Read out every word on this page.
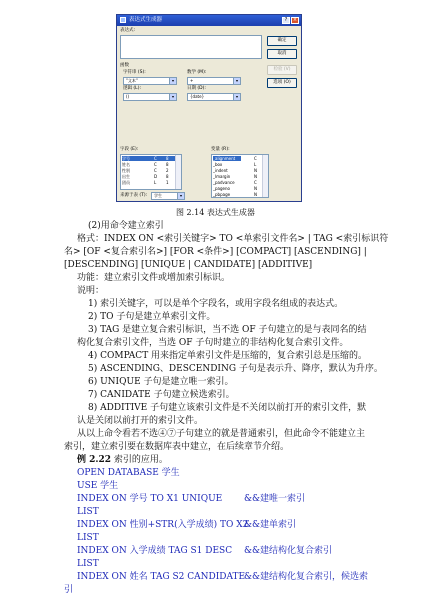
表达式生成器	?	×
表达式:
确定
取消
检验 (V)
选项 (O)
函数
字符串 (S):
"文本"	▾
数学 (M):
+	▾
逻辑 (L):
()	▾
日期 (D):
{date}	▾
字段 (E):
学号	C 8
姓名	C 8
性别	C 2
出生	D 8
团员	L 1
变量 (R):
_alignment	C
_box	L
_indent	N
_lmargin	N
_padvance	C
_pageno	N
_pbpage	N
来源于表 (T):	学生	▾
图 2.14 表达式生成器
(2)用命令建立索引
格式：INDEX ON <索引关键字> TO <单索引文件名> | TAG <索引标识符
名> [OF <复合索引名>] [FOR <条件>] [COMPACT] [ASCENDING] |
[DESCENDING] [UNIQUE | CANDIDATE] [ADDITIVE]
功能：建立索引文件或增加索引标识。
说明：
1) 索引关键字，可以是单个字段名，或用字段名组成的表达式。
2) TO 子句是建立单索引文件。
3) TAG 是建立复合索引标识，当不选 OF 子句建立的是与表同名的结
构化复合索引文件，当选 OF 子句时建立的非结构化复合索引文件。
4) COMPACT 用来指定单索引文件是压缩的，复合索引总是压缩的。
5) ASCENDING、DESCENDING 子句是表示升、降序，默认为升序。
6) UNIQUE 子句是建立唯一索引。
7) CANIDATE 子句建立候选索引。
8) ADDITIVE 子句建立该索引文件是不关闭以前打开的索引文件，默
认是关闭以前打开的索引文件。
从以上命令看若不选④⑦子句建立的就是普通索引，但此命令不能建立主
索引，建立索引要在数据库表中建立，在后续章节介绍。
例 2.22 索引的应用。
OPEN DATABASE 学生
USE 学生
INDEX ON 学号 TO X1 UNIQUE &&建唯一索引
LIST
INDEX ON 性别+STR(入学成绩) TO X2
&&建单索引
LIST
INDEX ON 入学成绩 TAG S1 DESC &&建结构化复合索引
LIST
INDEX ON 姓名 TAG S2 CANDIDATE
&&建结构化复合索引，候选索
引
